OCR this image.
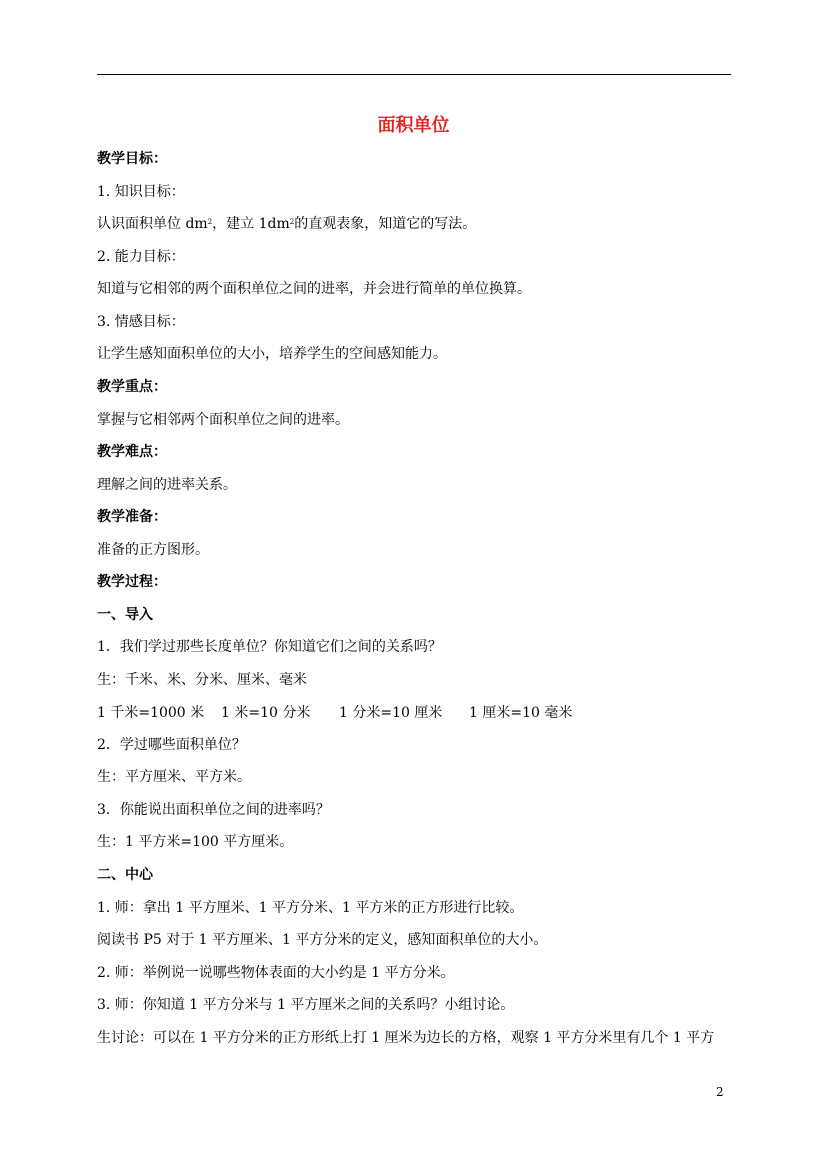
面积单位
教学目标：
1. 知识目标：
认识面积单位 $dm^2$，建立 $1dm^2$的直观表象，知道它的写法。
2. 能力目标：
知道与它相邻的两个面积单位之间的进率，并会进行简单的单位换算。
3. 情感目标：
让学生感知面积单位的大小，培养学生的空间感知能力。
教学重点：
掌握与它相邻两个面积单位之间的进率。
教学难点：
理解之间的进率关系。
教学准备：
准备的正方图形。
教学过程：
一、导入
1．我们学过那些长度单位？你知道它们之间的关系吗？
生：千米、米、分米、厘米、毫米
1 千米=1000 米 1 米=10 分米 1 分米=10 厘米 1 厘米=10 毫米
2．学过哪些面积单位？
生：平方厘米、平方米。
3．你能说出面积单位之间的进率吗？
生：1 平方米=100 平方厘米。
二、中心
1. 师：拿出 1 平方厘米、1 平方分米、1 平方米的正方形进行比较。
阅读书 P5 对于 1 平方厘米、1 平方分米的定义，感知面积单位的大小。
2. 师：举例说一说哪些物体表面的大小约是 1 平方分米。
3. 师：你知道 1 平方分米与 1 平方厘米之间的关系吗？小组讨论。
生讨论：可以在 1 平方分米的正方形纸上打 1 厘米为边长的方格，观察 1 平方分米里有几个 1 平方
2
